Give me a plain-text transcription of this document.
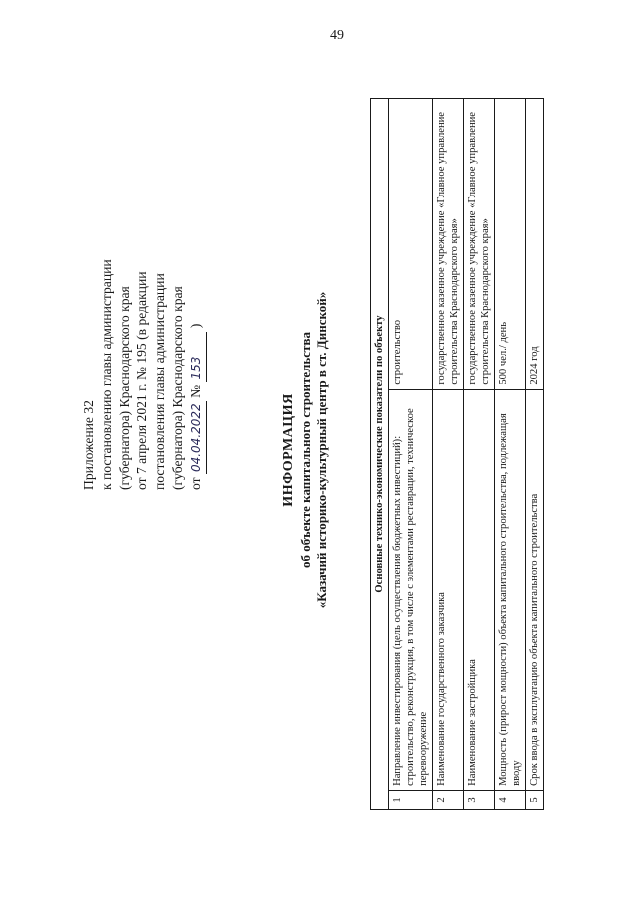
49
Приложение 32 к постановлению главы администрации (губернатора) Краснодарского края от 7 апреля 2021 г. № 195 (в редакции постановления главы администрации (губернатора) Краснодарского края от 04.04.2022 № 153 )
ИНФОРМАЦИЯ об объекте капитального строительства «Казачий историко-культурный центр в ст. Динской»	Основные технико-экономические показатели по объекту		
1	Направление инвестирования (цель осуществления бюджетных инвестиций): строительство, реконструкция, в том числе с элементами реставрации, техническое перевооружение	строительство
2	Наименование государственного заказчика	государственное казенное учреждение «Главное управление строительства Краснодарского края»
3	Наименование застройщика	государственное казенное учреждение «Главное управление строительства Краснодарского края»
4	Мощность (прирост мощности) объекта капитального строительства, подлежащая вводу	500 чел./ день
5	Срок ввода в эксплуатацию объекта капитального строительства	2024 год
